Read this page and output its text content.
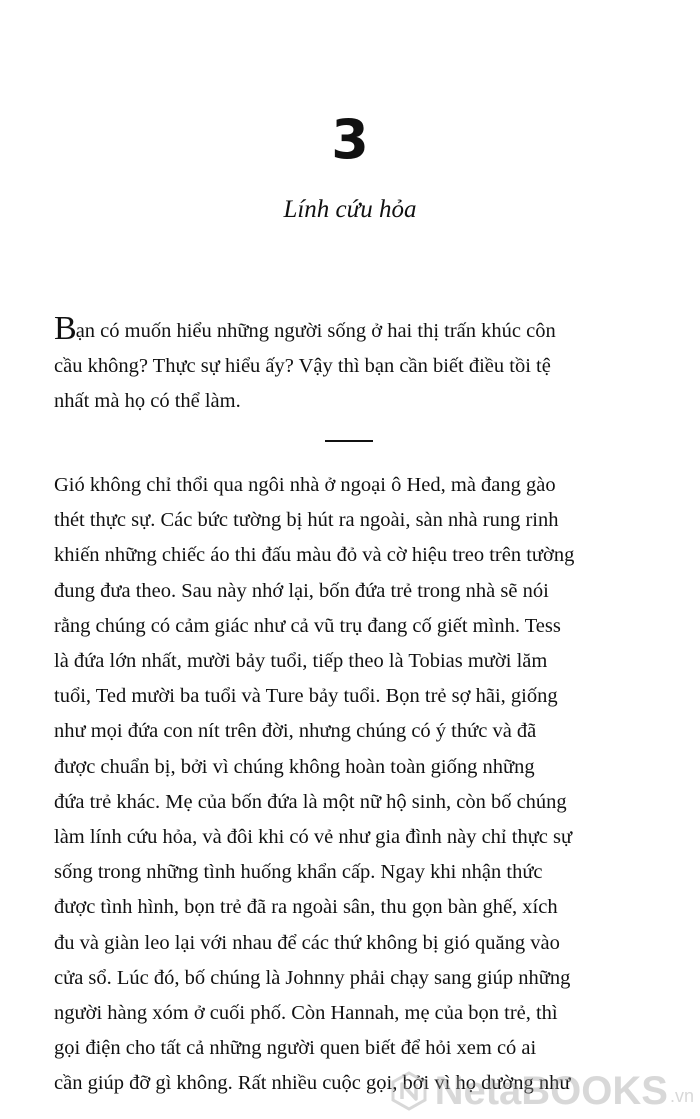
3
Lính cứu hỏa
Bạn có muốn hiểu những người sống ở hai thị trấn khúc côn
cầu không? Thực sự hiểu ấy? Vậy thì bạn cần biết điều tồi tệ
nhất mà họ có thể làm.
Gió không chỉ thổi qua ngôi nhà ở ngoại ô Hed, mà đang gào
thét thực sự. Các bức tường bị hút ra ngoài, sàn nhà rung rinh
khiến những chiếc áo thi đấu màu đỏ và cờ hiệu treo trên tường
đung đưa theo. Sau này nhớ lại, bốn đứa trẻ trong nhà sẽ nói
rằng chúng có cảm giác như cả vũ trụ đang cố giết mình. Tess
là đứa lớn nhất, mười bảy tuổi, tiếp theo là Tobias mười lăm
tuổi, Ted mười ba tuổi và Ture bảy tuổi. Bọn trẻ sợ hãi, giống
như mọi đứa con nít trên đời, nhưng chúng có ý thức và đã
được chuẩn bị, bởi vì chúng không hoàn toàn giống những
đứa trẻ khác. Mẹ của bốn đứa là một nữ hộ sinh, còn bố chúng
làm lính cứu hỏa, và đôi khi có vẻ như gia đình này chỉ thực sự
sống trong những tình huống khẩn cấp. Ngay khi nhận thức
được tình hình, bọn trẻ đã ra ngoài sân, thu gọn bàn ghế, xích
đu và giàn leo lại với nhau để các thứ không bị gió quăng vào
cửa sổ. Lúc đó, bố chúng là Johnny phải chạy sang giúp những
người hàng xóm ở cuối phố. Còn Hannah, mẹ của bọn trẻ, thì
gọi điện cho tất cả những người quen biết để hỏi xem có ai
cần giúp đỡ gì không. Rất nhiều cuộc gọi, bởi vì họ dường như
NetaBOOKS .vn
